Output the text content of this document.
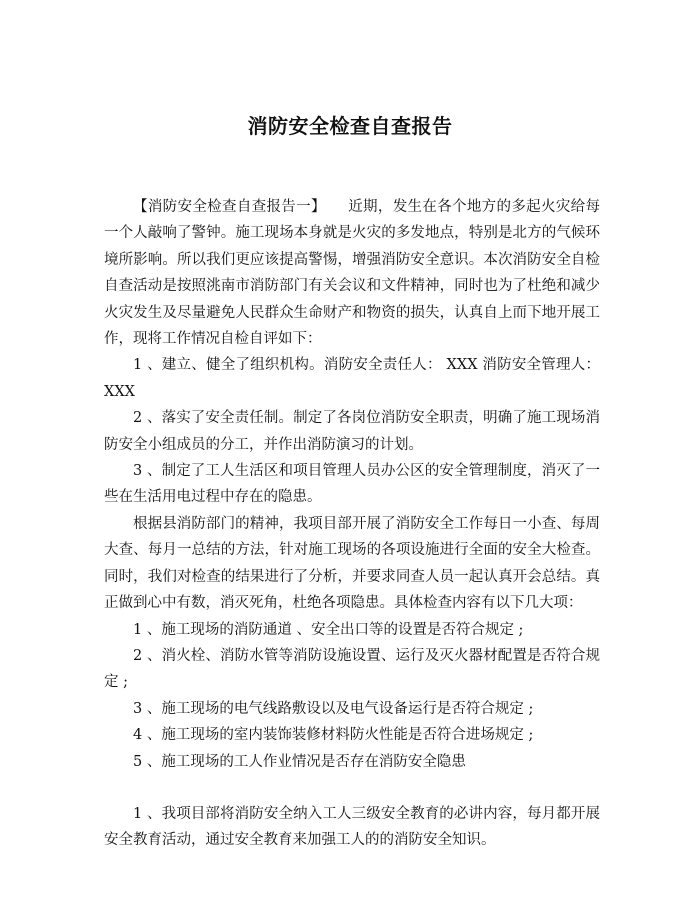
消防安全检查自查报告

【消防安全检查自查报告一】　　近期，发生在各个地方的多起火灾给每一个人敲响了警钟。施工现场本身就是火灾的多发地点，特别是北方的气候环境所影响。所以我们更应该提高警惕，增强消防安全意识。本次消防安全自检自查活动是按照洮南市消防部门有关会议和文件精神，同时也为了杜绝和减少火灾发生及尽量避免人民群众生命财产和物资的损失，认真自上而下地开展工作，现将工作情况自检自评如下：

1 、建立、健全了组织机构。消防安全责任人： XXX 消防安全管理人： XXX

2 、落实了安全责任制。制定了各岗位消防安全职责，明确了施工现场消防安全小组成员的分工，并作出消防演习的计划。

3 、制定了工人生活区和项目管理人员办公区的安全管理制度，消灭了一些在生活用电过程中存在的隐患。

根据县消防部门的精神，我项目部开展了消防安全工作每日一小查、每周大查、每月一总结的方法，针对施工现场的各项设施进行全面的安全大检查。同时，我们对检查的结果进行了分析，并要求同查人员一起认真开会总结。真正做到心中有数，消灭死角，杜绝各项隐患。具体检查内容有以下几大项：

1 、施工现场的消防通道 、安全出口等的设置是否符合规定 ;

2 、消火栓、消防水管等消防设施设置、运行及灭火器材配置是否符合规定 ;

3 、施工现场的电气线路敷设以及电气设备运行是否符合规定 ;

4 、施工现场的室内装饰装修材料防火性能是否符合进场规定 ;

5 、施工现场的工人作业情况是否存在消防安全隐患

1 、我项目部将消防安全纳入工人三级安全教育的必讲内容，每月都开展安全教育活动，通过安全教育来加强工人的的消防安全知识。
